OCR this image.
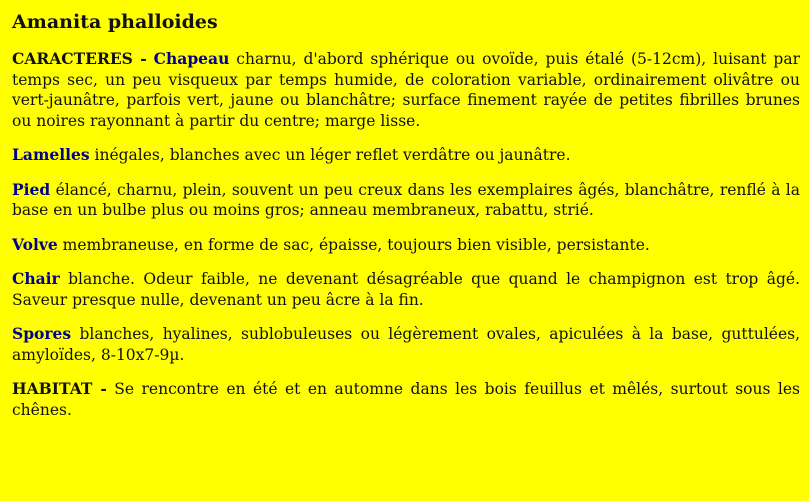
Amanita phalloides

CARACTERES - Chapeau charnu, d'abord sphérique ou ovoïde, puis étalé (5-12cm), luisant par temps sec, un peu visqueux par temps humide, de coloration variable, ordinairement olivâtre ou vert-jaunâtre, parfois vert, jaune ou blanchâtre; surface finement rayée de petites fibrilles brunes ou noires rayonnant à partir du centre; marge lisse.

Lamelles inégales, blanches avec un léger reflet verdâtre ou jaunâtre.

Pied élancé, charnu, plein, souvent un peu creux dans les exemplaires âgés, blanchâtre, renflé à la base en un bulbe plus ou moins gros; anneau membraneux, rabattu, strié.

Volve membraneuse, en forme de sac, épaisse, toujours bien visible, persistante.

Chair blanche. Odeur faible, ne devenant désagréable que quand le champignon est trop âgé. Saveur presque nulle, devenant un peu âcre à la fin.

Spores blanches, hyalines, sublobuleuses ou légèrement ovales, apiculées à la base, guttulées, amyloïdes, 8-10x7-9µ.

HABITAT - Se rencontre en été et en automne dans les bois feuillus et mêlés, surtout sous les chênes.
